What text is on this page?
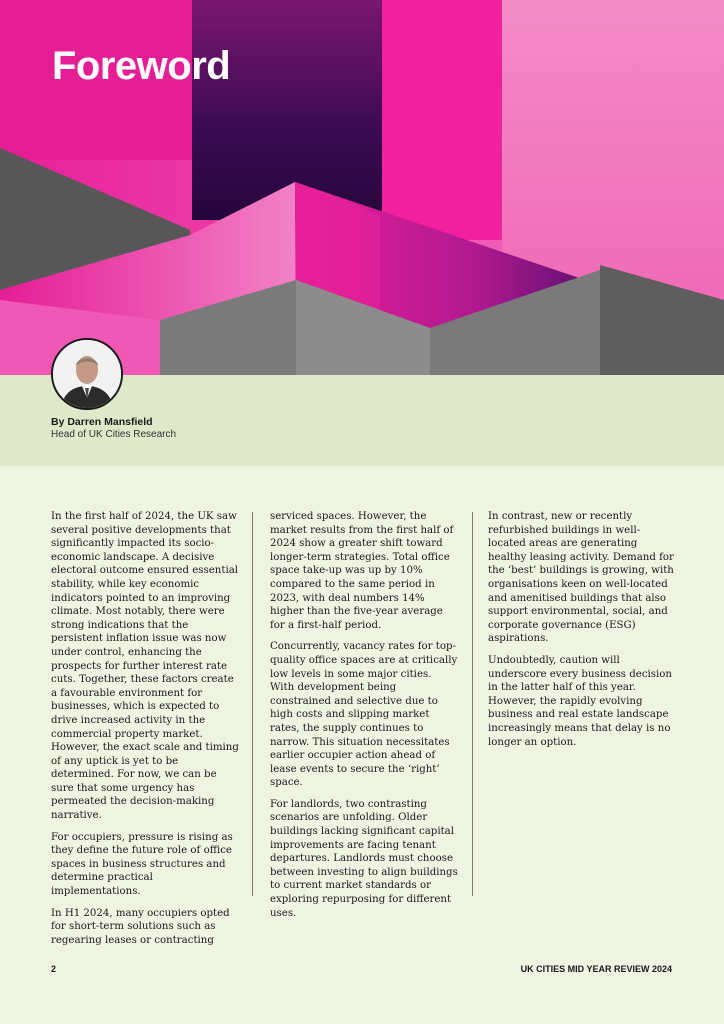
Foreword
By Darren Mansfield
Head of UK Cities Research

In the first half of 2024, the UK saw several positive developments that significantly impacted its socio-economic landscape. A decisive electoral outcome ensured essential stability, while key economic indicators pointed to an improving climate. Most notably, there were strong indications that the persistent inflation issue was now under control, enhancing the prospects for further interest rate cuts. Together, these factors create a favourable environment for businesses, which is expected to drive increased activity in the commercial property market. However, the exact scale and timing of any uptick is yet to be determined. For now, we can be sure that some urgency has permeated the decision-making narrative.

For occupiers, pressure is rising as they define the future role of office spaces in business structures and determine practical implementations.

In H1 2024, many occupiers opted for short-term solutions such as regearing leases or contracting

serviced spaces. However, the market results from the first half of 2024 show a greater shift toward longer-term strategies. Total office space take-up was up by 10% compared to the same period in 2023, with deal numbers 14% higher than the five-year average for a first-half period.

Concurrently, vacancy rates for top-quality office spaces are at critically low levels in some major cities. With development being constrained and selective due to high costs and slipping market rates, the supply continues to narrow. This situation necessitates earlier occupier action ahead of lease events to secure the ‘right’ space.

For landlords, two contrasting scenarios are unfolding. Older buildings lacking significant capital improvements are facing tenant departures. Landlords must choose between investing to align buildings to current market standards or exploring repurposing for different uses.

In contrast, new or recently refurbished buildings in well-located areas are generating healthy leasing activity. Demand for the ‘best’ buildings is growing, with organisations keen on well-located and amenitised buildings that also support environmental, social, and corporate governance (ESG) aspirations.

Undoubtedly, caution will underscore every business decision in the latter half of this year. However, the rapidly evolving business and real estate landscape increasingly means that delay is no longer an option.

2	UK CITIES MID YEAR REVIEW 2024
